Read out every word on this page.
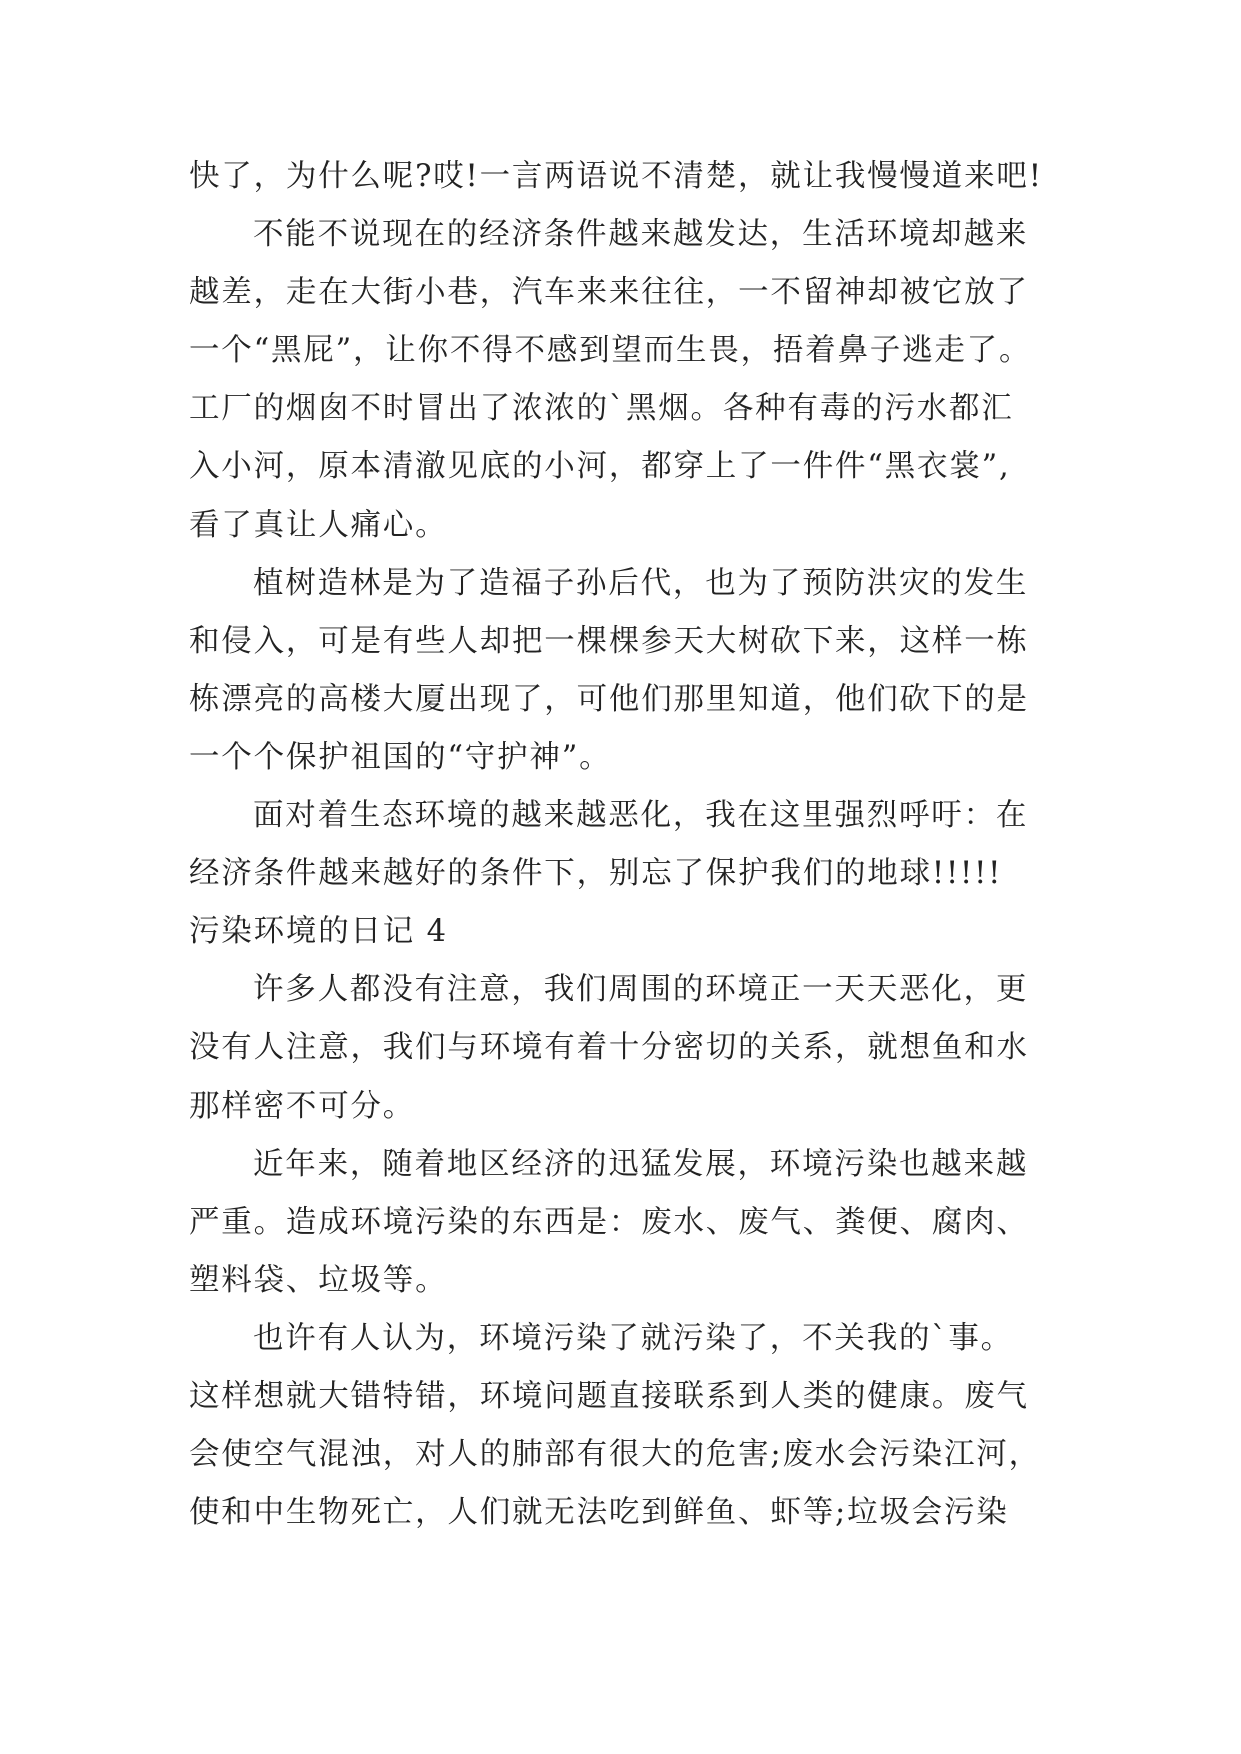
快了，为什么呢?哎!一言两语说不清楚，就让我慢慢道来吧!
不能不说现在的经济条件越来越发达，生活环境却越来
越差，走在大街小巷，汽车来来往往，一不留神却被它放了
一个“黑屁”，让你不得不感到望而生畏，捂着鼻子逃走了。
工厂的烟囱不时冒出了浓浓的`黑烟。各种有毒的污水都汇
入小河，原本清澈见底的小河，都穿上了一件件“黑衣裳”,
看了真让人痛心。
植树造林是为了造福子孙后代，也为了预防洪灾的发生
和侵入，可是有些人却把一棵棵参天大树砍下来，这样一栋
栋漂亮的高楼大厦出现了，可他们那里知道，他们砍下的是
一个个保护祖国的“守护神”。
面对着生态环境的越来越恶化，我在这里强烈呼吁：在
经济条件越来越好的条件下，别忘了保护我们的地球!!!!!
污染环境的日记 4
许多人都没有注意，我们周围的环境正一天天恶化，更
没有人注意，我们与环境有着十分密切的关系，就想鱼和水
那样密不可分。
近年来，随着地区经济的迅猛发展，环境污染也越来越
严重。造成环境污染的东西是：废水、废气、粪便、腐肉、
塑料袋、垃圾等。
也许有人认为，环境污染了就污染了，不关我的`事。
这样想就大错特错，环境问题直接联系到人类的健康。废气
会使空气混浊，对人的肺部有很大的危害;废水会污染江河，
使和中生物死亡，人们就无法吃到鲜鱼、虾等;垃圾会污染
